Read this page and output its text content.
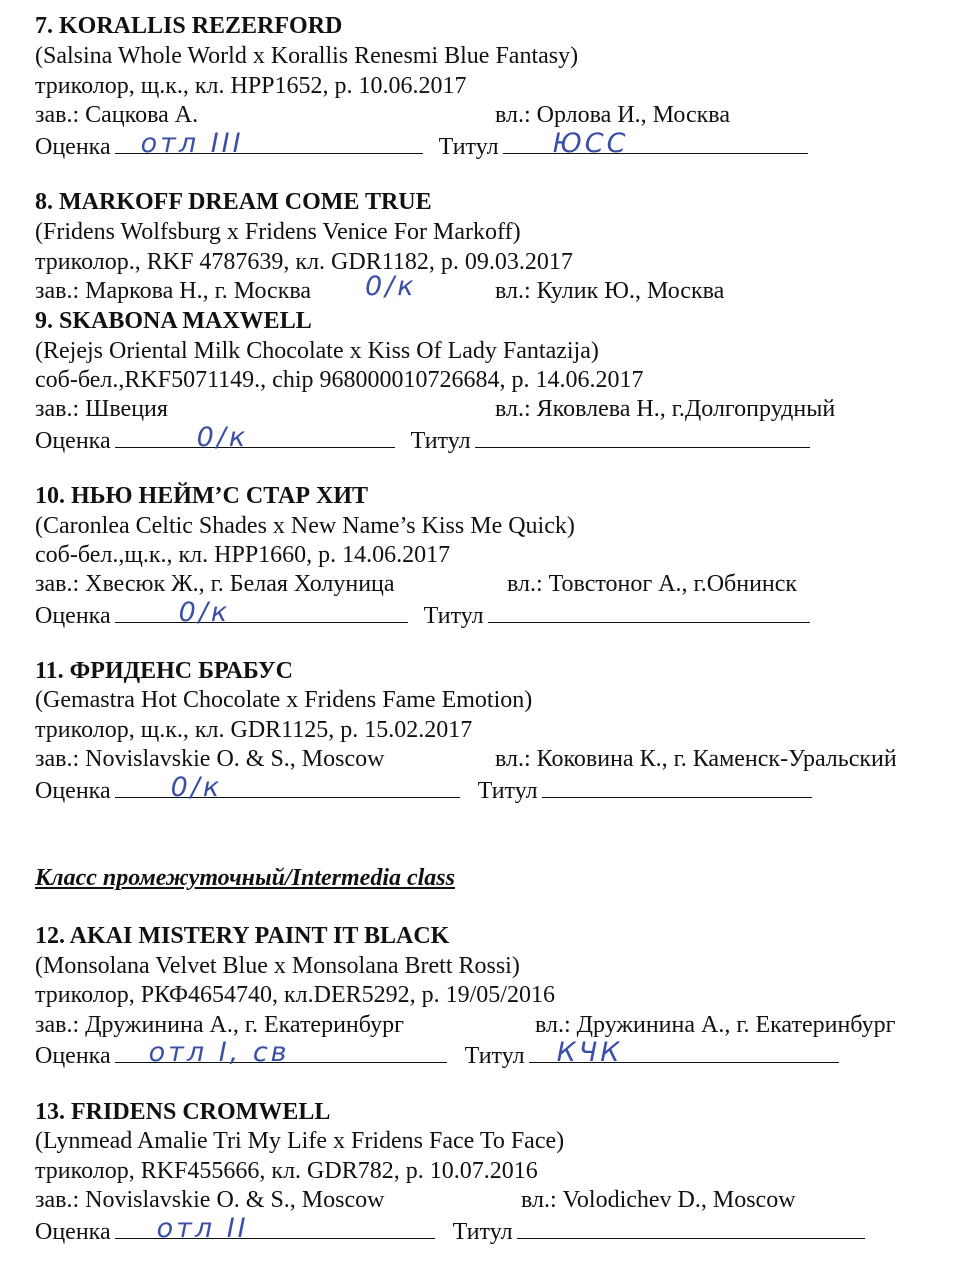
7. KORALLIS REZERFORD
(Salsina Whole World x Korallis Renesmi Blue Fantasy)
триколор, щ.к., кл. HPP1652, р. 10.06.2017
зав.: Сацкова А.	вл.: Орлова И., Москва
Оценка отл III	Титул ЮСС
8. MARKOFF DREAM COME TRUE
(Fridens Wolfsburg x Fridens Venice For Markoff)
триколор., RKF 4787639, кл. GDR1182, р. 09.03.2017
зав.: Маркова Н., г. Москва 0/к	вл.: Кулик Ю., Москва
9. SKABONA MAXWELL
(Rejejs Oriental Milk Chocolate x Kiss Of Lady Fantazija)
соб-бел.,RKF5071149., chip 968000010726684, р. 14.06.2017
зав.: Швеция	вл.: Яковлева Н., г.Долгопрудный
Оценка	0/к	Титул
10. НЬЮ НЕЙМ’С СТАР ХИТ
(Caronlea Celtic Shades x New Name’s Kiss Me Quick)
соб-бел.,щ.к., кл. HPP1660, р. 14.06.2017
зав.: Хвесюк Ж., г. Белая Холуница	вл.: Товстоног А., г.Обнинск
Оценка	0/к	Титул
11. ФРИДЕНС БРАБУС
(Gemastra Hot Chocolate x Fridens Fame Emotion)
триколор, щ.к., кл. GDR1125, р. 15.02.2017
зав.: Novislavskie O. & S., Moscow	вл.: Коковина К., г. Каменск-Уральский
Оценка 0/к	Титул
Класс промежуточный/Intermedia class
12. AKAI MISTERY PAINT IT BLACK
(Monsolana Velvet Blue x Monsolana Brett Rossi)
триколор, РКФ4654740, кл.DER5292, р. 19/05/2016
зав.: Дружинина А., г. Екатеринбург	вл.: Дружинина А., г. Екатеринбург
Оценка отл I, св	Титул КЧК
13. FRIDENS CROMWELL
(Lynmead Amalie Tri My Life x Fridens Face To Face)
триколор, RKF455666, кл. GDR782, р. 10.07.2016
зав.: Novislavskie O. & S., Moscow	вл.: Volodichev D., Moscow
Оценка отл II	Титул
